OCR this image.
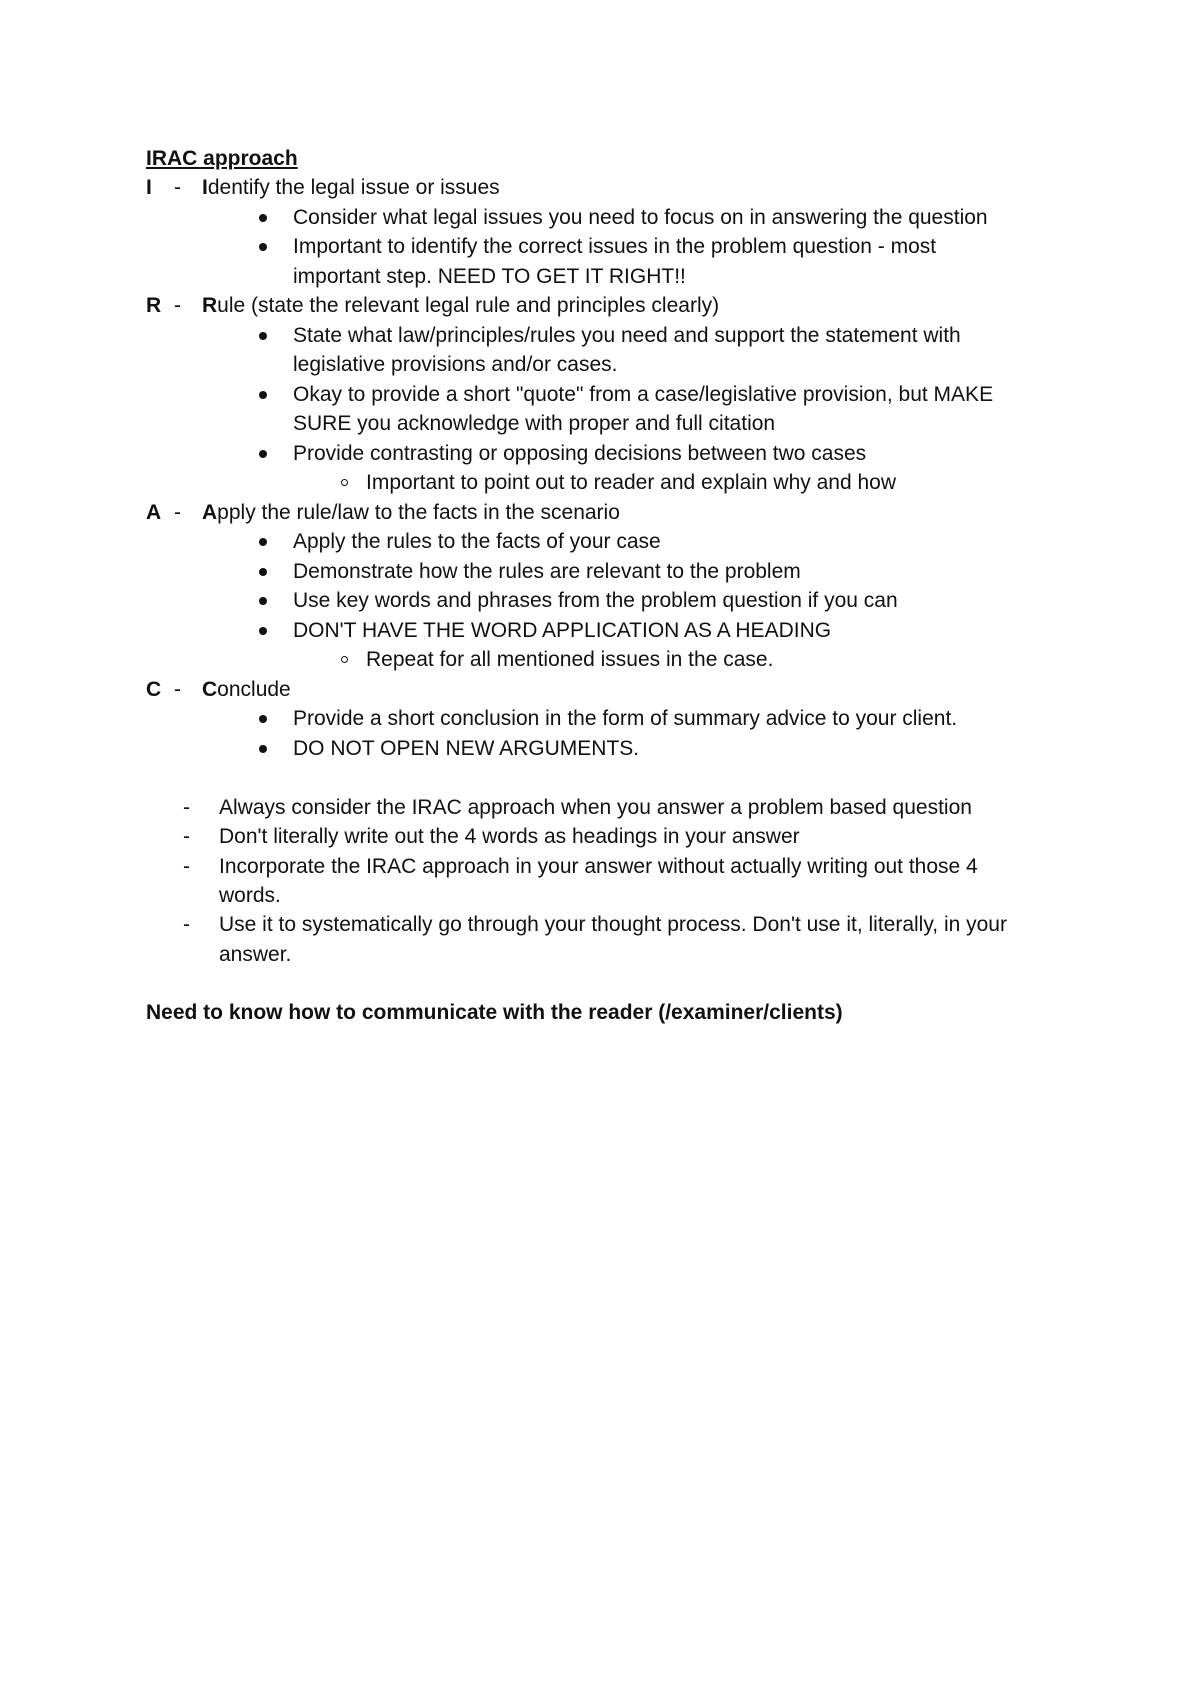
IRAC approach
I - Identify the legal issue or issues
Consider what legal issues you need to focus on in answering the question
Important to identify the correct issues in the problem question - most
important step. NEED TO GET IT RIGHT!!
R - Rule (state the relevant legal rule and principles clearly)
State what law/principles/rules you need and support the statement with
legislative provisions and/or cases.
Okay to provide a short "quote" from a case/legislative provision, but MAKE
SURE you acknowledge with proper and full citation
Provide contrasting or opposing decisions between two cases
Important to point out to reader and explain why and how
A - Apply the rule/law to the facts in the scenario
Apply the rules to the facts of your case
Demonstrate how the rules are relevant to the problem
Use key words and phrases from the problem question if you can
DON'T HAVE THE WORD APPLICATION AS A HEADING
Repeat for all mentioned issues in the case.
C - Conclude
Provide a short conclusion in the form of summary advice to your client.
DO NOT OPEN NEW ARGUMENTS.
- Always consider the IRAC approach when you answer a problem based question
- Don't literally write out the 4 words as headings in your answer
- Incorporate the IRAC approach in your answer without actually writing out those 4
words.
- Use it to systematically go through your thought process. Don't use it, literally, in your
answer.
Need to know how to communicate with the reader (/examiner/clients)
